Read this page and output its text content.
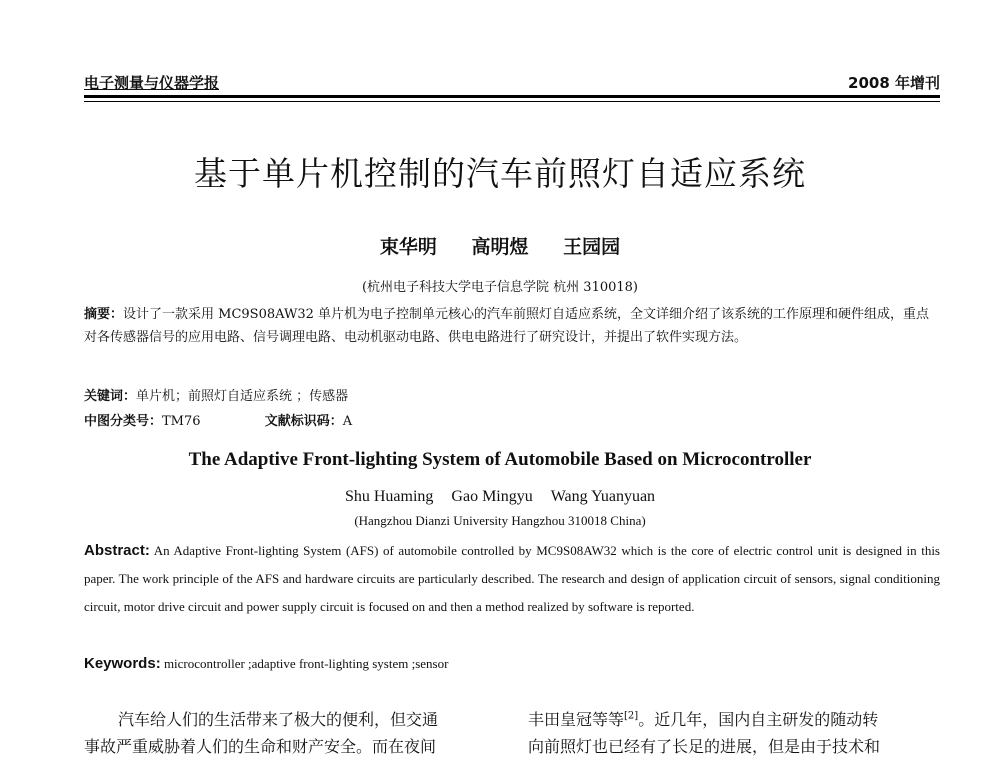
电子测量与仪器学报	2008 年增刊
基于单片机控制的汽车前照灯自适应系统
束华明 高明煜 王园园
(杭州电子科技大学电子信息学院 杭州 310018)
摘要：设计了一款采用 MC9S08AW32 单片机为电子控制单元核心的汽车前照灯自适应系统，全文详细介绍了该系统的工作原理和硬件组成，重点对各传感器信号的应用电路、信号调理电路、电动机驱动电路、供电电路进行了研究设计，并提出了软件实现方法。
关键词：单片机；前照灯自适应系统 ；传感器
中图分类号：TM76	文献标识码：A
The Adaptive Front-lighting System of Automobile Based on Microcontroller
Shu Huaming Gao Mingyu Wang Yuanyuan
(Hangzhou Dianzi University Hangzhou 310018 China)
Abstract: An Adaptive Front-lighting System (AFS) of automobile controlled by MC9S08AW32 which is the core of electric control unit is designed in this paper. The work principle of the AFS and hardware circuits are particularly described. The research and design of application circuit of sensors, signal conditioning circuit, motor drive circuit and power supply circuit is focused on and then a method realized by software is reported.
Keywords: microcontroller ;adaptive front-lighting system ;sensor
汽车给人们的生活带来了极大的便利，但交通
事故严重威胁着人们的生命和财产安全。而在夜间
丰田皇冠等等[2]。近几年，国内自主研发的随动转
向前照灯也已经有了长足的进展，但是由于技术和
